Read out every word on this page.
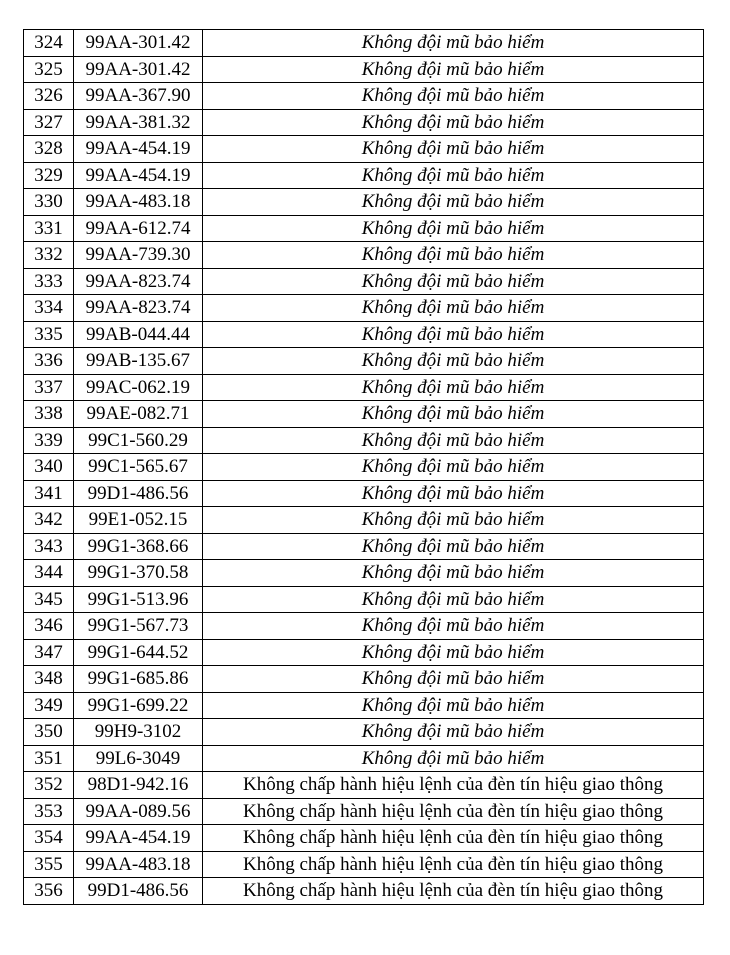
324	99AA-301.42	Không đội mũ bảo hiểm
325	99AA-301.42	Không đội mũ bảo hiểm
326	99AA-367.90	Không đội mũ bảo hiểm
327	99AA-381.32	Không đội mũ bảo hiểm
328	99AA-454.19	Không đội mũ bảo hiểm
329	99AA-454.19	Không đội mũ bảo hiểm
330	99AA-483.18	Không đội mũ bảo hiểm
331	99AA-612.74	Không đội mũ bảo hiểm
332	99AA-739.30	Không đội mũ bảo hiểm
333	99AA-823.74	Không đội mũ bảo hiểm
334	99AA-823.74	Không đội mũ bảo hiểm
335	99AB-044.44	Không đội mũ bảo hiểm
336	99AB-135.67	Không đội mũ bảo hiểm
337	99AC-062.19	Không đội mũ bảo hiểm
338	99AE-082.71	Không đội mũ bảo hiểm
339	99C1-560.29	Không đội mũ bảo hiểm
340	99C1-565.67	Không đội mũ bảo hiểm
341	99D1-486.56	Không đội mũ bảo hiểm
342	99E1-052.15	Không đội mũ bảo hiểm
343	99G1-368.66	Không đội mũ bảo hiểm
344	99G1-370.58	Không đội mũ bảo hiểm
345	99G1-513.96	Không đội mũ bảo hiểm
346	99G1-567.73	Không đội mũ bảo hiểm
347	99G1-644.52	Không đội mũ bảo hiểm
348	99G1-685.86	Không đội mũ bảo hiểm
349	99G1-699.22	Không đội mũ bảo hiểm
350	99H9-3102	Không đội mũ bảo hiểm
351	99L6-3049	Không đội mũ bảo hiểm
352	98D1-942.16	Không chấp hành hiệu lệnh của đèn tín hiệu giao thông
353	99AA-089.56	Không chấp hành hiệu lệnh của đèn tín hiệu giao thông
354	99AA-454.19	Không chấp hành hiệu lệnh của đèn tín hiệu giao thông
355	99AA-483.18	Không chấp hành hiệu lệnh của đèn tín hiệu giao thông
356	99D1-486.56	Không chấp hành hiệu lệnh của đèn tín hiệu giao thông
